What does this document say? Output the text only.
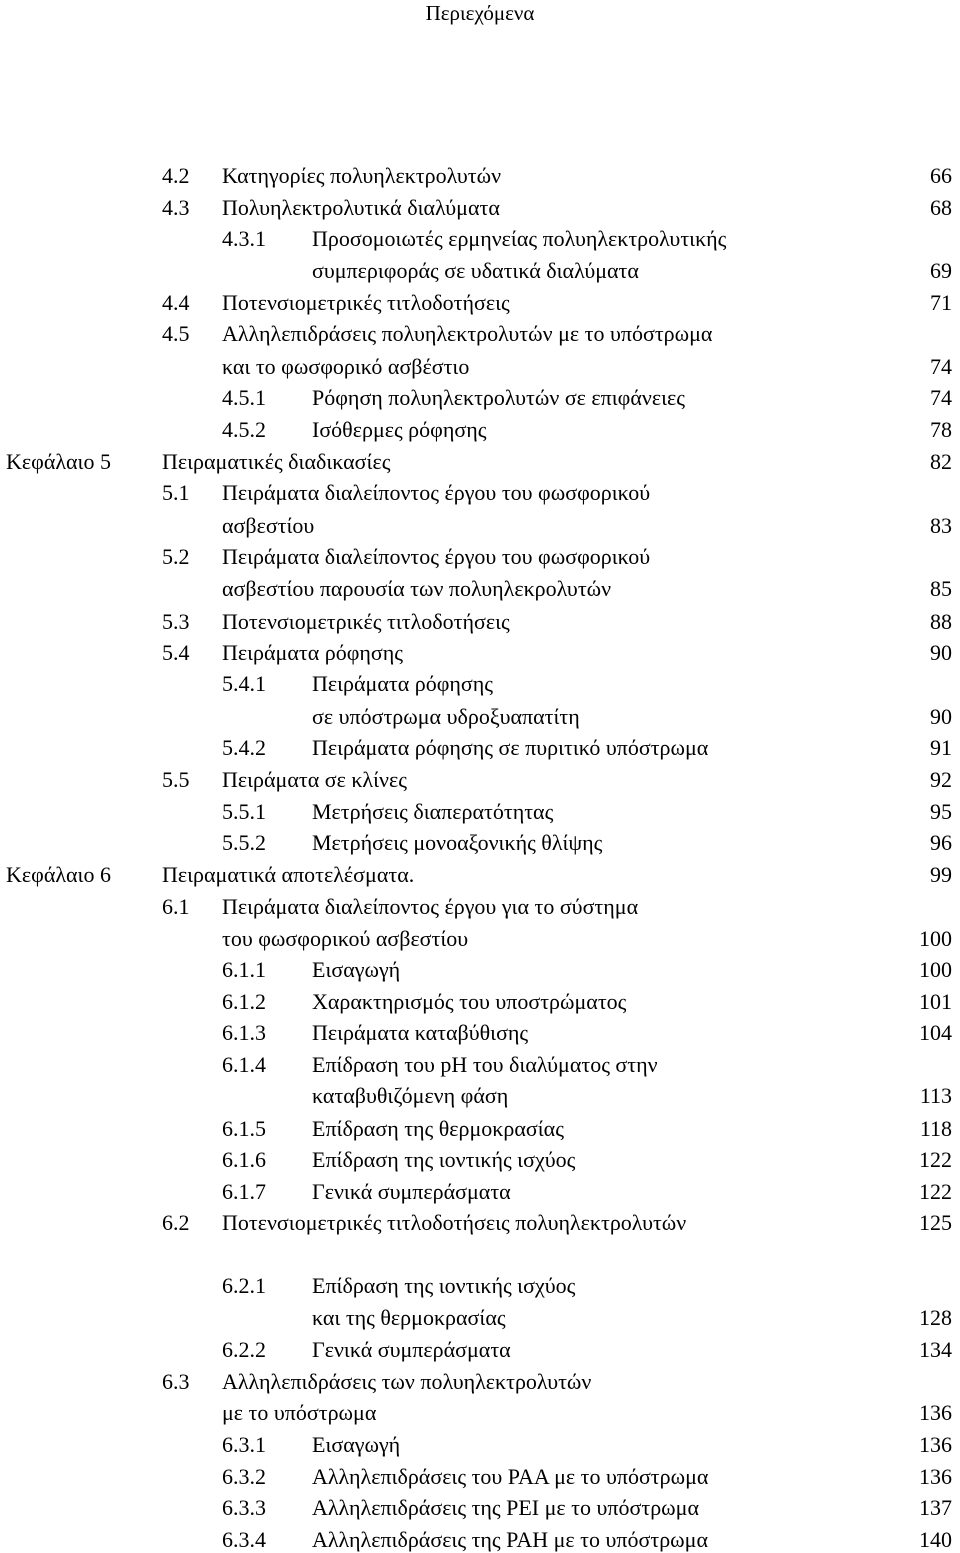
Περιεχόμενα
4.2 Κατηγορίες πολυηλεκτρολυτών	66
4.3 Πολυηλεκτρολυτικά διαλύματα	68
4.3.1 Προσομοιωτές ερμηνείας πολυηλεκτρολυτικής
συμπεριφοράς σε υδατικά διαλύματα	69
4.4 Ποτενσιομετρικές τιτλοδοτήσεις	71
4.5 Αλληλεπιδράσεις πολυηλεκτρολυτών με το υπόστρωμα
και το φωσφορικό ασβέστιο	74
4.5.1 Ρόφηση πολυηλεκτρολυτών σε επιφάνειες	74
4.5.2 Ισόθερμες ρόφησης	78
Κεφάλαιο 5 Πειραματικές διαδικασίες	82
5.1 Πειράματα διαλείποντος έργου του φωσφορικού
ασβεστίου	83
5.2 Πειράματα διαλείποντος έργου του φωσφορικού
ασβεστίου παρουσία των πολυηλεκρολυτών	85
5.3 Ποτενσιομετρικές τιτλοδοτήσεις	88
5.4 Πειράματα ρόφησης	90
5.4.1 Πειράματα ρόφησης
σε υπόστρωμα υδροξυαπατίτη	90
5.4.2 Πειράματα ρόφησης σε πυριτικό υπόστρωμα	91
5.5 Πειράματα σε κλίνες	92
5.5.1 Μετρήσεις διαπερατότητας	95
5.5.2 Μετρήσεις μονοαξονικής θλίψης	96
Κεφάλαιο 6 Πειραματικά αποτελέσματα.	99
6.1 Πειράματα διαλείποντος έργου για το σύστημα
του φωσφορικού ασβεστίου	100
6.1.1 Εισαγωγή	100
6.1.2 Χαρακτηρισμός του υποστρώματος	101
6.1.3 Πειράματα καταβύθισης	104
6.1.4 Επίδραση του pH του διαλύματος στην
καταβυθιζόμενη φάση	113
6.1.5 Επίδραση της θερμοκρασίας	118
6.1.6 Επίδραση της ιοντικής ισχύος	122
6.1.7 Γενικά συμπεράσματα	122
6.2 Ποτενσιομετρικές τιτλοδοτήσεις πολυηλεκτρολυτών	125
6.2.1 Επίδραση της ιοντικής ισχύος
και της θερμοκρασίας	128
6.2.2 Γενικά συμπεράσματα	134
6.3 Αλληλεπιδράσεις των πολυηλεκτρολυτών
με το υπόστρωμα	136
6.3.1 Εισαγωγή	136
6.3.2 Αλληλεπιδράσεις του PAA με το υπόστρωμα	136
6.3.3 Αλληλεπιδράσεις της PEI με το υπόστρωμα	137
6.3.4 Αλληλεπιδράσεις της PAH με το υπόστρωμα	140
